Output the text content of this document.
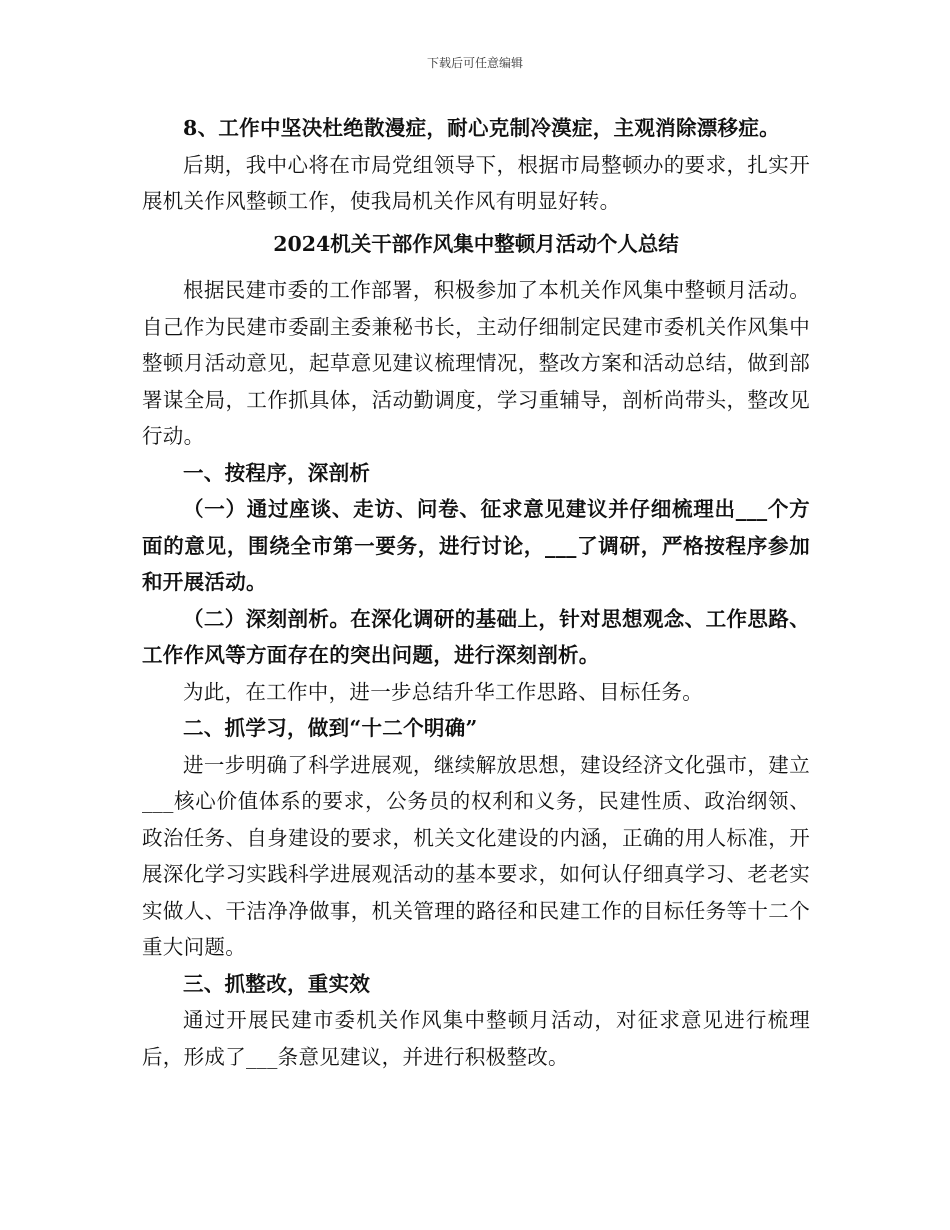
下载后可任意编辑

8、工作中坚决杜绝散漫症，耐心克制冷漠症，主观消除漂移症。

后期，我中心将在市局党组领导下，根据市局整顿办的要求，扎实开展机关作风整顿工作，使我局机关作风有明显好转。

2024机关干部作风集中整顿月活动个人总结

根据民建市委的工作部署，积极参加了本机关作风集中整顿月活动。自己作为民建市委副主委兼秘书长，主动仔细制定民建市委机关作风集中整顿月活动意见，起草意见建议梳理情况，整改方案和活动总结，做到部署谋全局，工作抓具体，活动勤调度，学习重辅导，剖析尚带头，整改见行动。

一、按程序，深剖析

（一）通过座谈、走访、问卷、征求意见建议并仔细梳理出___个方面的意见，围绕全市第一要务，进行讨论，___了调研，严格按程序参加和开展活动。

（二）深刻剖析。在深化调研的基础上，针对思想观念、工作思路、工作作风等方面存在的突出问题，进行深刻剖析。

为此，在工作中，进一步总结升华工作思路、目标任务。

二、抓学习，做到“十二个明确”

进一步明确了科学进展观，继续解放思想，建设经济文化强市，建立___核心价值体系的要求，公务员的权利和义务，民建性质、政治纲领、政治任务、自身建设的要求，机关文化建设的内涵，正确的用人标准，开展深化学习实践科学进展观活动的基本要求，如何认仔细真学习、老老实实做人、干洁净净做事，机关管理的路径和民建工作的目标任务等十二个重大问题。

三、抓整改，重实效

通过开展民建市委机关作风集中整顿月活动，对征求意见进行梳理后，形成了___条意见建议，并进行积极整改。
